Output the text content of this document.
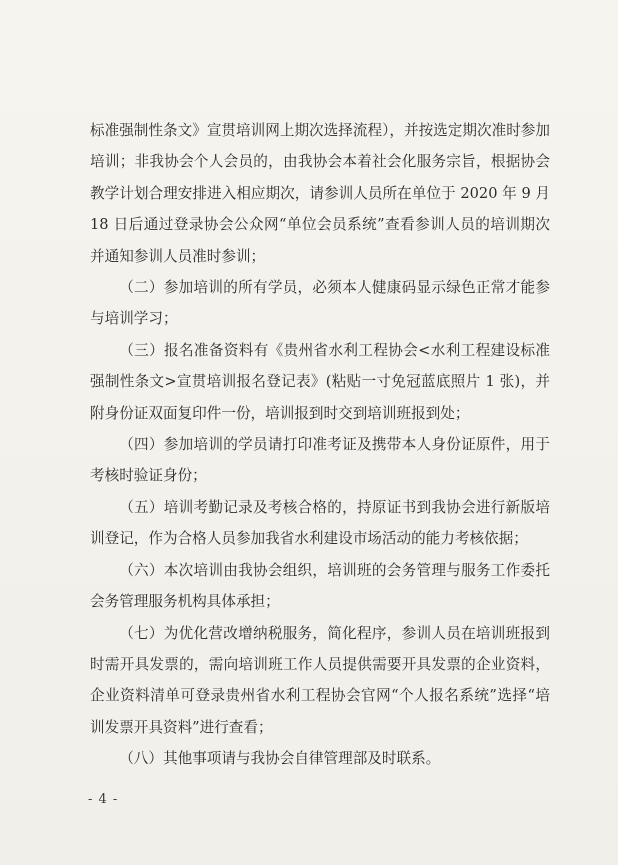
标准强制性条文》宣贯培训网上期次选择流程），并按选定期次准时参加培训；非我协会个人会员的，由我协会本着社会化服务宗旨，根据协会教学计划合理安排进入相应期次，请参训人员所在单位于 2020 年 9 月 18 日后通过登录协会公众网“单位会员系统”查看参训人员的培训期次并通知参训人员准时参训；

（二）参加培训的所有学员，必须本人健康码显示绿色正常才能参与培训学习；

（三）报名准备资料有《贵州省水利工程协会<水利工程建设标准强制性条文>宣贯培训报名登记表》(粘贴一寸免冠蓝底照片 1 张)，并附身份证双面复印件一份，培训报到时交到培训班报到处；

（四）参加培训的学员请打印准考证及携带本人身份证原件，用于考核时验证身份；

（五）培训考勤记录及考核合格的，持原证书到我协会进行新版培训登记，作为合格人员参加我省水利建设市场活动的能力考核依据；

（六）本次培训由我协会组织，培训班的会务管理与服务工作委托会务管理服务机构具体承担；

（七）为优化营改增纳税服务，简化程序，参训人员在培训班报到时需开具发票的，需向培训班工作人员提供需要开具发票的企业资料，企业资料清单可登录贵州省水利工程协会官网“个人报名系统”选择“培训发票开具资料”进行查看；

（八）其他事项请与我协会自律管理部及时联系。

- 4 -
